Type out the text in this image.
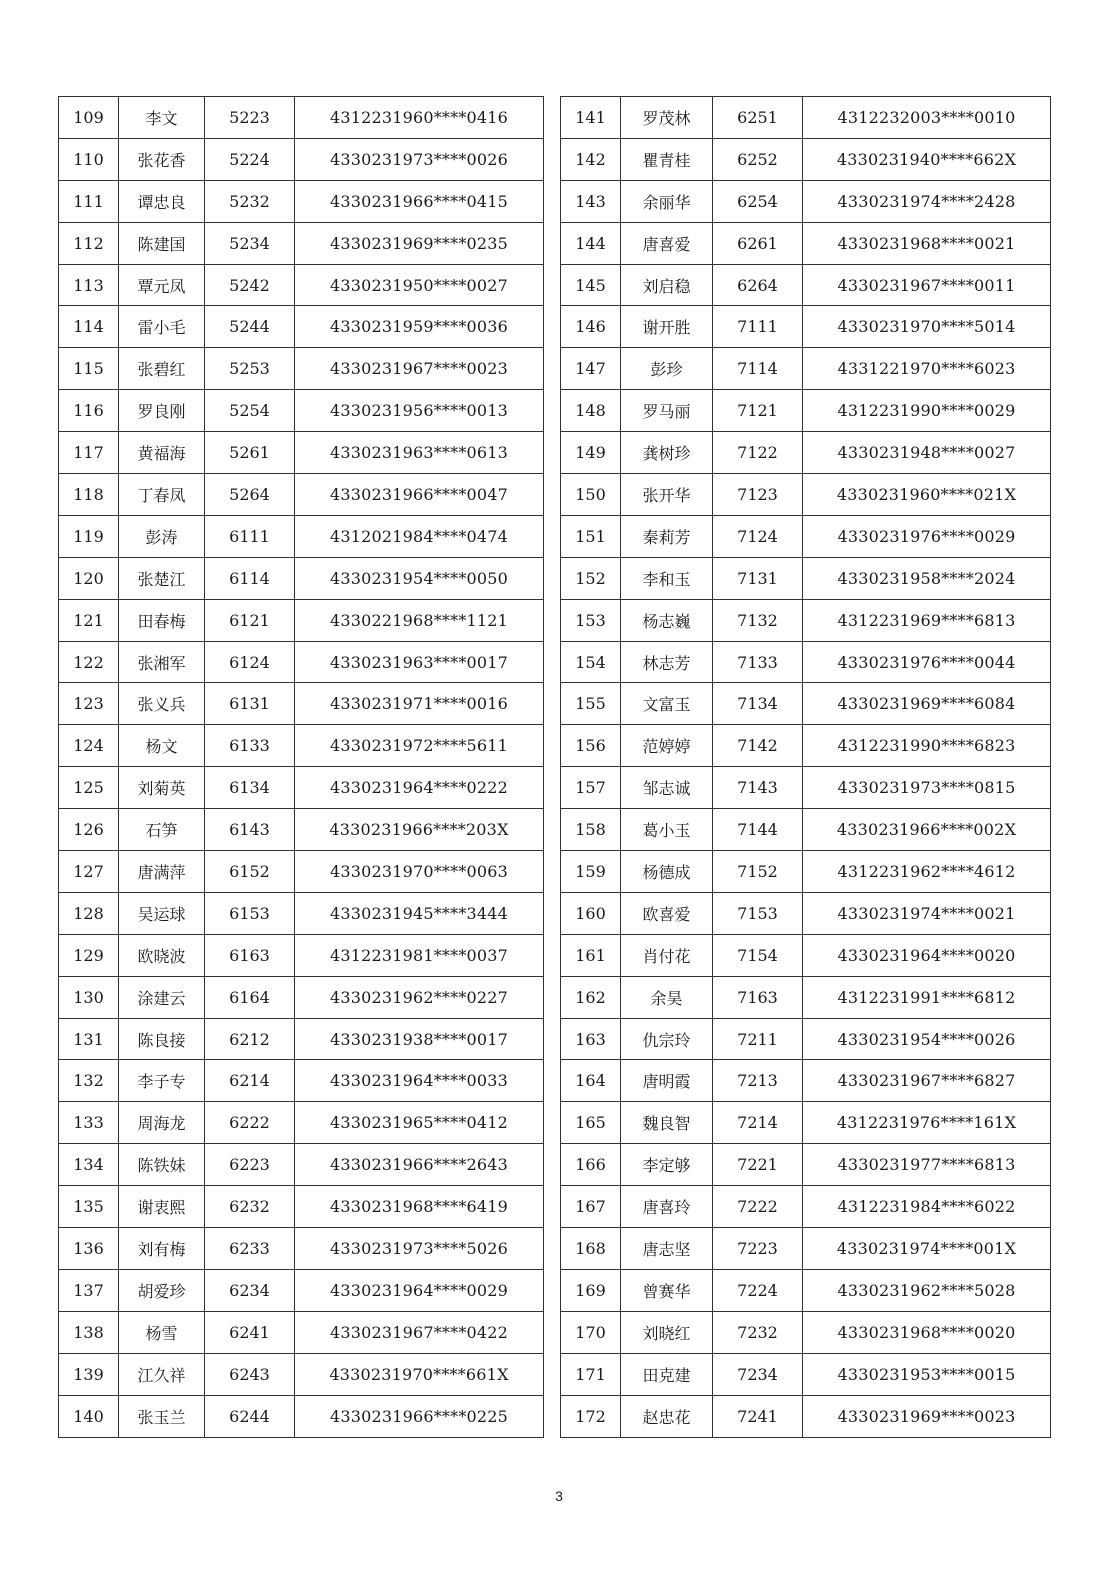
109	李文	5223	4312231960****0416
110	张花香	5224	4330231973****0026
111	谭忠良	5232	4330231966****0415
112	陈建国	5234	4330231969****0235
113	覃元凤	5242	4330231950****0027
114	雷小毛	5244	4330231959****0036
115	张碧红	5253	4330231967****0023
116	罗良刚	5254	4330231956****0013
117	黄福海	5261	4330231963****0613
118	丁春凤	5264	4330231966****0047
119	彭涛	6111	4312021984****0474
120	张楚江	6114	4330231954****0050
121	田春梅	6121	4330221968****1121
122	张湘军	6124	4330231963****0017
123	张义兵	6131	4330231971****0016
124	杨文	6133	4330231972****5611
125	刘菊英	6134	4330231964****0222
126	石笋	6143	4330231966****203X
127	唐满萍	6152	4330231970****0063
128	吴运球	6153	4330231945****3444
129	欧晓波	6163	4312231981****0037
130	涂建云	6164	4330231962****0227
131	陈良接	6212	4330231938****0017
132	李子专	6214	4330231964****0033
133	周海龙	6222	4330231965****0412
134	陈铁妹	6223	4330231966****2643
135	谢衷熙	6232	4330231968****6419
136	刘有梅	6233	4330231973****5026
137	胡爱珍	6234	4330231964****0029
138	杨雪	6241	4330231967****0422
139	江久祥	6243	4330231970****661X
140	张玉兰	6244	4330231966****0225
141	罗茂林	6251	4312232003****0010
142	瞿青桂	6252	4330231940****662X
143	余丽华	6254	4330231974****2428
144	唐喜爱	6261	4330231968****0021
145	刘启稳	6264	4330231967****0011
146	谢开胜	7111	4330231970****5014
147	彭珍	7114	4331221970****6023
148	罗马丽	7121	4312231990****0029
149	龚树珍	7122	4330231948****0027
150	张开华	7123	4330231960****021X
151	秦莉芳	7124	4330231976****0029
152	李和玉	7131	4330231958****2024
153	杨志巍	7132	4312231969****6813
154	林志芳	7133	4330231976****0044
155	文富玉	7134	4330231969****6084
156	范婷婷	7142	4312231990****6823
157	邹志诚	7143	4330231973****0815
158	葛小玉	7144	4330231966****002X
159	杨德成	7152	4312231962****4612
160	欧喜爱	7153	4330231974****0021
161	肖付花	7154	4330231964****0020
162	余昊	7163	4312231991****6812
163	仇宗玲	7211	4330231954****0026
164	唐明霞	7213	4330231967****6827
165	魏良智	7214	4312231976****161X
166	李定够	7221	4330231977****6813
167	唐喜玲	7222	4312231984****6022
168	唐志坚	7223	4330231974****001X
169	曾赛华	7224	4330231962****5028
170	刘晓红	7232	4330231968****0020
171	田克建	7234	4330231953****0015
172	赵忠花	7241	4330231969****0023
3
